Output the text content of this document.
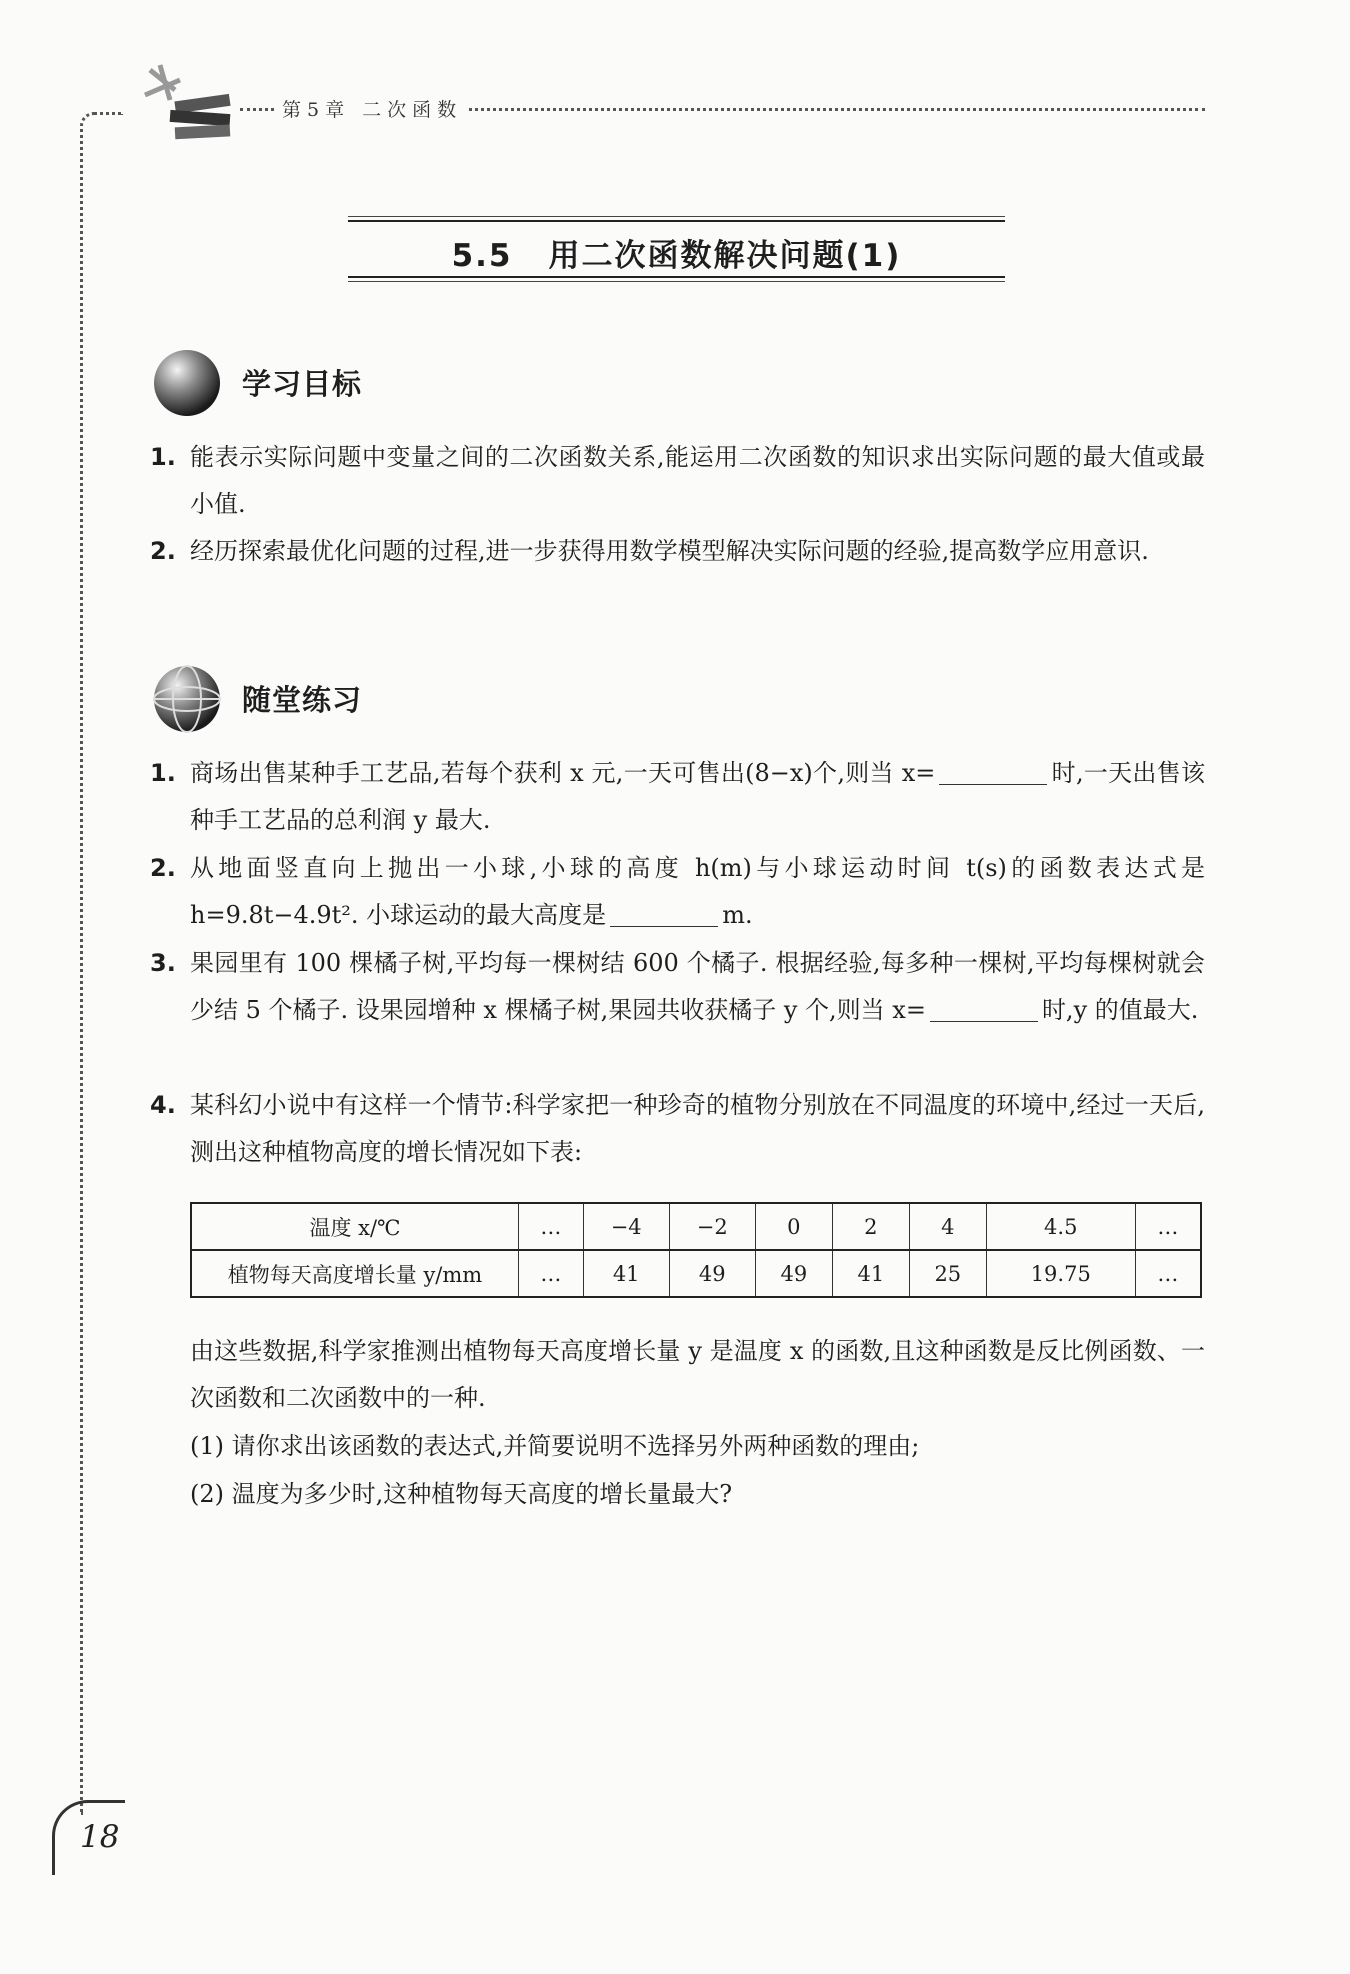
第5章 二次函数
5.5 用二次函数解决问题(1)
学习目标
1. 能表示实际问题中变量之间的二次函数关系,能运用二次函数的知识求出实际问题的最大值或最小值.
2. 经历探索最优化问题的过程,进一步获得用数学模型解决实际问题的经验,提高数学应用意识.
随堂练习
1. 商场出售某种手工艺品,若每个获利 x 元,一天可售出(8−x)个,则当 x=	时,一天出售该种手工艺品的总利润 y 最大.
2. 从地面竖直向上抛出一小球,小球的高度 h(m)与小球运动时间 t(s)的函数表达式是 h=9.8t−4.9t². 小球运动的最大高度是	m.
3. 果园里有 100 棵橘子树,平均每一棵树结 600 个橘子. 根据经验,每多种一棵树,平均每棵树就会少结 5 个橘子. 设果园增种 x 棵橘子树,果园共收获橘子 y 个,则当 x=	时,y 的值最大.
4. 某科幻小说中有这样一个情节:科学家把一种珍奇的植物分别放在不同温度的环境中,经过一天后,测出这种植物高度的增长情况如下表:
温度 x/℃	…	−4	−2	0	2	4	4.5	…
植物每天高度增长量 y/mm	…	41	49	49	41	25	19.75	…
由这些数据,科学家推测出植物每天高度增长量 y 是温度 x 的函数,且这种函数是反比例函数、一次函数和二次函数中的一种.
(1) 请你求出该函数的表达式,并简要说明不选择另外两种函数的理由;
(2) 温度为多少时,这种植物每天高度的增长量最大?
18
